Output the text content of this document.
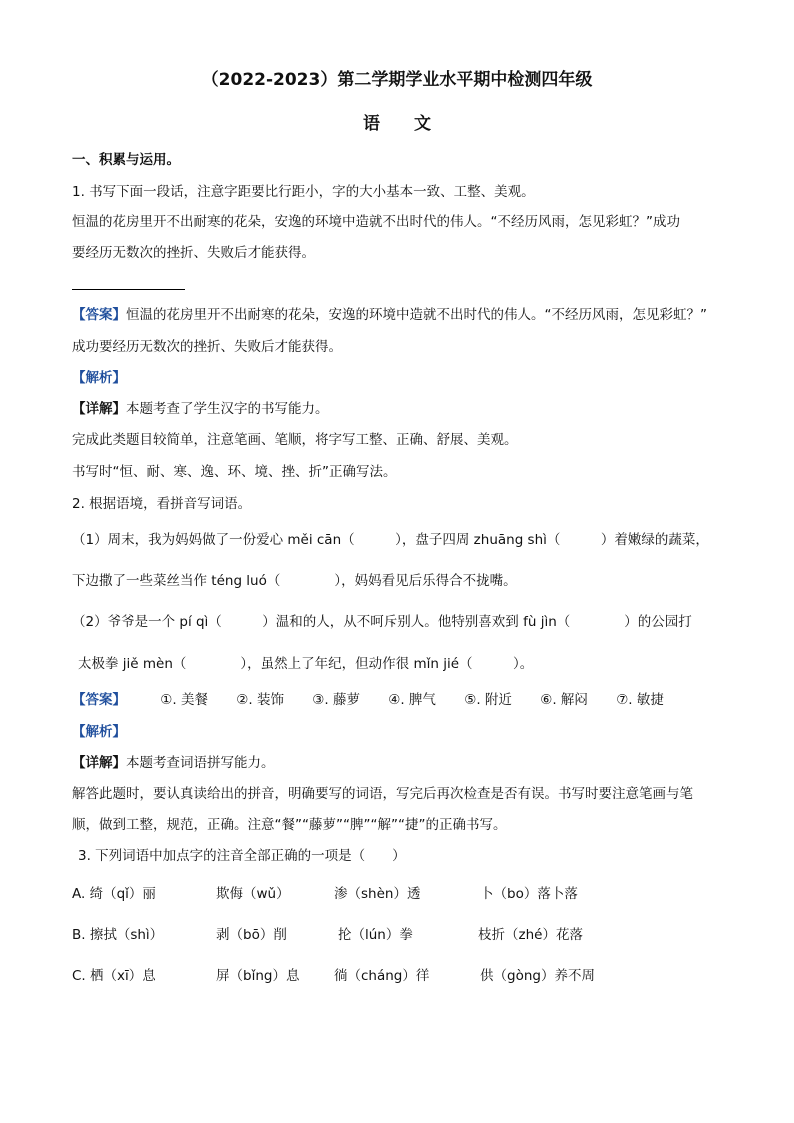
（2022-2023）第二学期学业水平期中检测四年级
语　　文
一、积累与运用。
1. 书写下面一段话，注意字距要比行距小，字的大小基本一致、工整、美观。
恒温的花房里开不出耐寒的花朵，安逸的环境中造就不出时代的伟人。“不经历风雨，怎见彩虹？”成功
要经历无数次的挫折、失败后才能获得。
【答案】恒温的花房里开不出耐寒的花朵，安逸的环境中造就不出时代的伟人。“不经历风雨，怎见彩虹？”
成功要经历无数次的挫折、失败后才能获得。
【解析】
【详解】本题考查了学生汉字的书写能力。
完成此类题目较简单，注意笔画、笔顺，将字写工整、正确、舒展、美观。
书写时“恒、耐、寒、逸、环、境、挫、折”正确写法。
2. 根据语境，看拼音写词语。
（1）周末，我为妈妈做了一份爱心 měi cān（　　　），盘子四周 zhuāng shì（　　　）着嫩绿的蔬菜，
下边撒了一些菜丝当作 téng luó（　　　　），妈妈看见后乐得合不拢嘴。
（2）爷爷是一个 pí qì（　　　）温和的人，从不呵斥别人。他特别喜欢到 fù jìn（　　　　）的公园打
太极拳 jiě mèn（　　　　），虽然上了年纪，但动作很 mǐn jié（　　　）。
【答案】	①. 美餐 ②. 装饰 ③. 藤萝 ④. 脾气 ⑤. 附近 ⑥. 解闷 ⑦. 敏捷
【解析】
【详解】本题考查词语拼写能力。
解答此题时，要认真读给出的拼音，明确要写的词语，写完后再次检查是否有误。书写时要注意笔画与笔
顺，做到工整，规范，正确。注意“餐”“藤萝”“脾”“解”“捷”的正确书写。
3. 下列词语中加点字的注音全部正确的一项是（　　）
A. 绮（qǐ）丽	欺侮（wǔ）	渗（shèn）透	卜（bo）落卜落
B. 擦拭（shì）	剥（bō）削	抡（lún）拳	枝折（zhé）花落
C. 栖（xī）息	屏（bǐng）息	徜（cháng）徉	供（gòng）养不周
